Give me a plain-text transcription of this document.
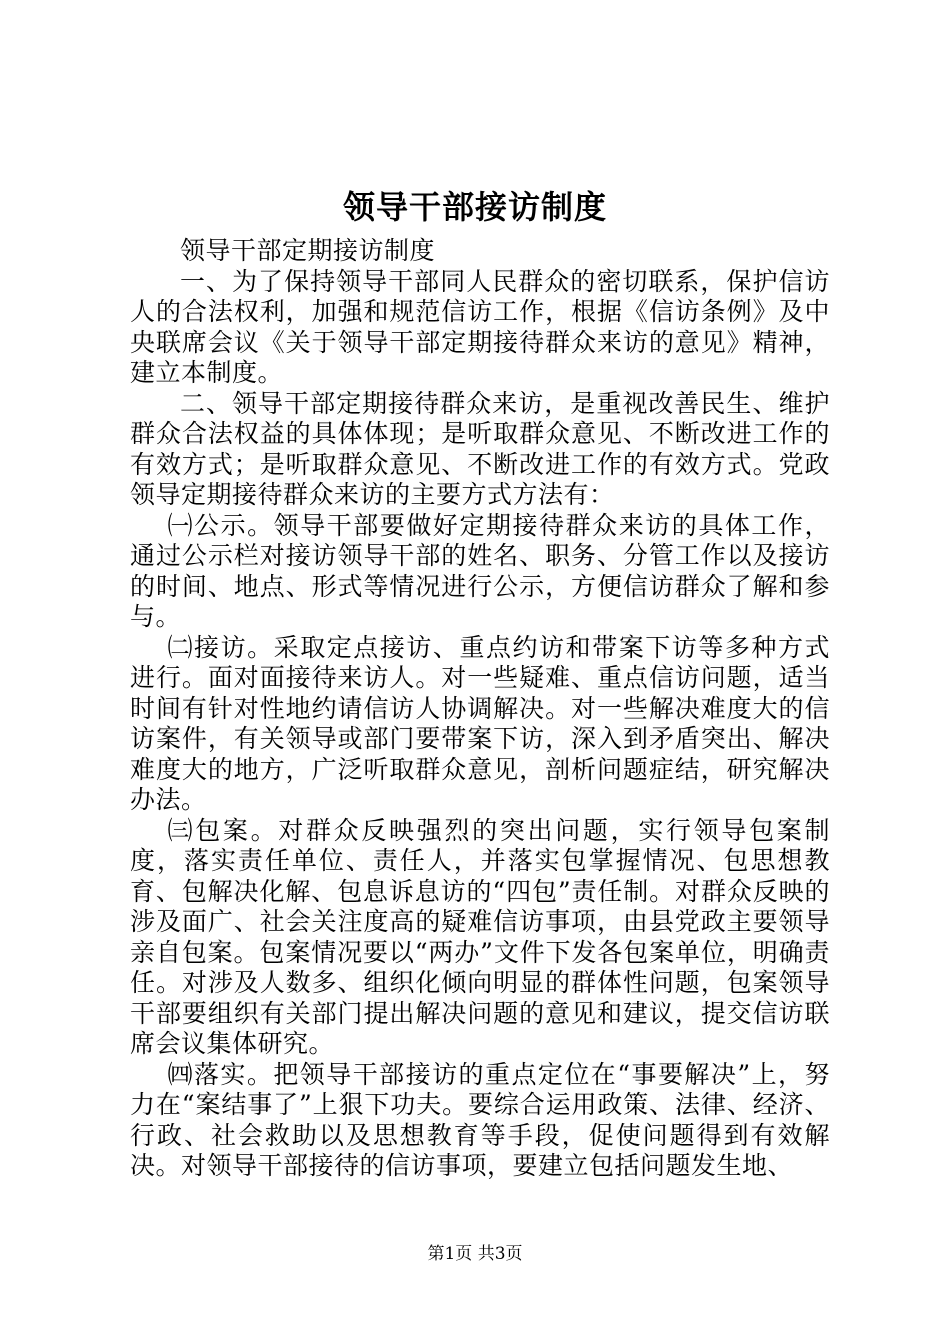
领导干部接访制度

领导干部定期接访制度

一、为了保持领导干部同人民群众的密切联系，保护信访人的合法权利，加强和规范信访工作，根据《信访条例》及中央联席会议《关于领导干部定期接待群众来访的意见》精神，建立本制度。

二、领导干部定期接待群众来访，是重视改善民生、维护群众合法权益的具体体现；是听取群众意见、不断改进工作的有效方式；是听取群众意见、不断改进工作的有效方式。党政领导定期接待群众来访的主要方式方法有：

㈠公示。领导干部要做好定期接待群众来访的具体工作，通过公示栏对接访领导干部的姓名、职务、分管工作以及接访的时间、地点、形式等情况进行公示，方便信访群众了解和参与。

㈡接访。采取定点接访、重点约访和带案下访等多种方式进行。面对面接待来访人。对一些疑难、重点信访问题，适当时间有针对性地约请信访人协调解决。对一些解决难度大的信访案件，有关领导或部门要带案下访，深入到矛盾突出、解决难度大的地方，广泛听取群众意见，剖析问题症结，研究解决办法。

㈢包案。对群众反映强烈的突出问题，实行领导包案制度，落实责任单位、责任人，并落实包掌握情况、包思想教育、包解决化解、包息诉息访的“四包”责任制。对群众反映的涉及面广、社会关注度高的疑难信访事项，由县党政主要领导亲自包案。包案情况要以“两办”文件下发各包案单位，明确责任。对涉及人数多、组织化倾向明显的群体性问题，包案领导干部要组织有关部门提出解决问题的意见和建议，提交信访联席会议集体研究。

㈣落实。把领导干部接访的重点定位在“事要解决”上，努力在“案结事了”上狠下功夫。要综合运用政策、法律、经济、行政、社会救助以及思想教育等手段，促使问题得到有效解决。对领导干部接待的信访事项，要建立包括问题发生地、

第1页 共3页
